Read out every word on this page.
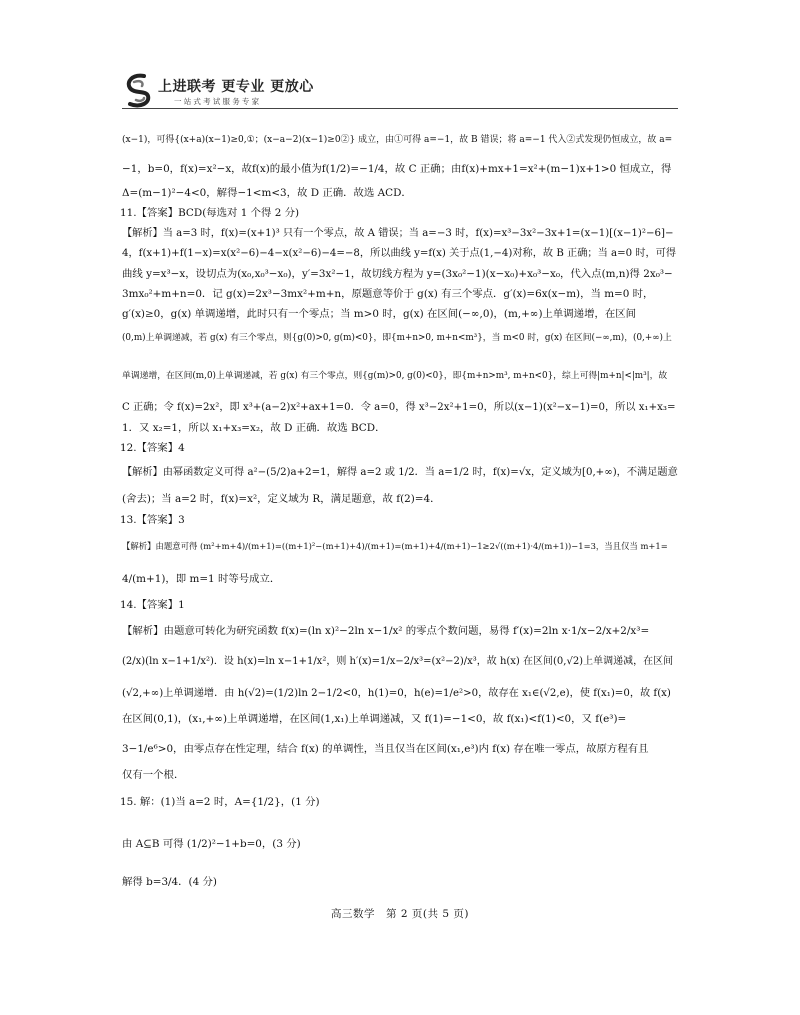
上进联考 更专业 更放心
一站式考试服务专家
(x−1)，可得{(x+a)(x−1)≥0,①；(x−a−2)(x−1)≥0②} 成立，由①可得 a=−1，故 B 错误；将 a=−1 代入②式发现仍恒成立，故 a=
−1，b=0，f(x)=x²−x，故f(x)的最小值为f(1/2)=−1/4，故 C 正确；由f(x)+mx+1=x²+(m−1)x+1>0 恒成立，得
Δ=(m−1)²−4<0，解得−1<m<3，故 D 正确．故选 ACD．
11.【答案】BCD(每选对 1 个得 2 分)
【解析】当 a=3 时，f(x)=(x+1)³ 只有一个零点，故 A 错误；当 a=−3 时，f(x)=x³−3x²−3x+1=(x−1)[(x−1)²−6]−
4，f(x+1)+f(1−x)=x(x²−6)−4−x(x²−6)−4=−8，所以曲线 y=f(x) 关于点(1,−4)对称，故 B 正确；当 a=0 时，可得
曲线 y=x³−x，设切点为(x₀,x₀³−x₀)，y′=3x²−1，故切线方程为 y=(3x₀²−1)(x−x₀)+x₀³−x₀，代入点(m,n)得 2x₀³−
3mx₀²+m+n=0．记 g(x)=2x³−3mx²+m+n，原题意等价于 g(x) 有三个零点．g′(x)=6x(x−m)，当 m=0 时，
g′(x)≥0，g(x) 单调递增，此时只有一个零点；当 m>0 时，g(x) 在区间(−∞,0)，(m,+∞)上单调递增，在区间
(0,m)上单调递减，若 g(x) 有三个零点，则{g(0)>0, g(m)<0}，即{m+n>0, m+n<m³}，当 m<0 时，g(x) 在区间(−∞,m)，(0,+∞)上
单调递增，在区间(m,0)上单调递减，若 g(x) 有三个零点，则{g(m)>0, g(0)<0}，即{m+n>m³, m+n<0}，综上可得|m+n|<|m³|，故
C 正确；令 f(x)=2x²，即 x³+(a−2)x²+ax+1=0．令 a=0，得 x³−2x²+1=0，所以(x−1)(x²−x−1)=0，所以 x₁+x₃=
1．又 x₂=1，所以 x₁+x₃=x₂，故 D 正确．故选 BCD．
12.【答案】4
【解析】由幂函数定义可得 a²−(5/2)a+2=1，解得 a=2 或 1/2．当 a=1/2 时，f(x)=√x，定义域为[0,+∞)，不满足题意
(舍去)；当 a=2 时，f(x)=x²，定义域为 R，满足题意，故 f(2)=4．
13.【答案】3
【解析】由题意可得 (m²+m+4)/(m+1)=((m+1)²−(m+1)+4)/(m+1)=(m+1)+4/(m+1)−1≥2√((m+1)·4/(m+1))−1=3，当且仅当 m+1=
4/(m+1)，即 m=1 时等号成立．
14.【答案】1
【解析】由题意可转化为研究函数 f(x)=(ln x)²−2ln x−1/x² 的零点个数问题，易得 f′(x)=2ln x·1/x−2/x+2/x³=
(2/x)(ln x−1+1/x²)．设 h(x)=ln x−1+1/x²，则 h′(x)=1/x−2/x³=(x²−2)/x³，故 h(x) 在区间(0,√2)上单调递减，在区间
(√2,+∞)上单调递增．由 h(√2)=(1/2)ln 2−1/2<0，h(1)=0，h(e)=1/e²>0，故存在 x₁∈(√2,e)，使 f(x₁)=0，故 f(x)
在区间(0,1)，(x₁,+∞)上单调递增，在区间(1,x₁)上单调递减，又 f(1)=−1<0，故 f(x₁)<f(1)<0，又 f(e³)=
3−1/e⁶>0，由零点存在性定理，结合 f(x) 的单调性，当且仅当在区间(x₁,e³)内 f(x) 存在唯一零点，故原方程有且
仅有一个根．
15. 解：(1)当 a=2 时，A={1/2}，(1 分)
由 A⊆B 可得 (1/2)²−1+b=0，(3 分)
解得 b=3/4．(4 分)
高三数学　第 2 页(共 5 页)
